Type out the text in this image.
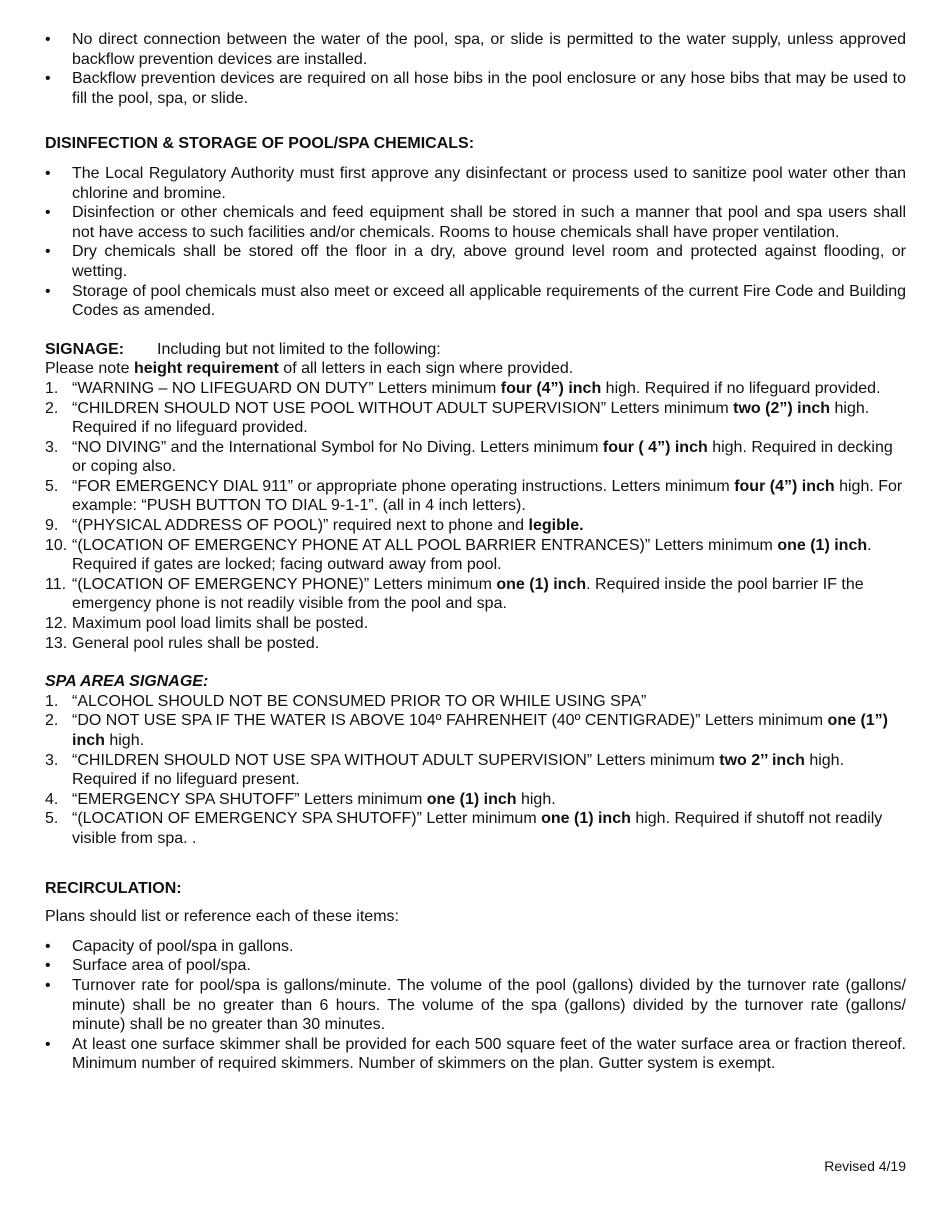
• No direct connection between the water of the pool, spa, or slide is permitted to the water supply, unless approved backflow prevention devices are installed.
• Backflow prevention devices are required on all hose bibs in the pool enclosure or any hose bibs that may be used to fill the pool, spa, or slide.
DISINFECTION & STORAGE OF POOL/SPA CHEMICALS:
• The Local Regulatory Authority must first approve any disinfectant or process used to sanitize pool water other than chlorine and bromine.
• Disinfection or other chemicals and feed equipment shall be stored in such a manner that pool and spa users shall not have access to such facilities and/or chemicals. Rooms to house chemicals shall have proper ventilation.
• Dry chemicals shall be stored off the floor in a dry, above ground level room and protected against flooding, or wetting.
• Storage of pool chemicals must also meet or exceed all applicable requirements of the current Fire Code and Building Codes as amended.
SIGNAGE: Including but not limited to the following:
Please note height requirement of all letters in each sign where provided.
1. “WARNING – NO LIFEGUARD ON DUTY” Letters minimum four (4”) inch high. Required if no lifeguard provided.
2. “CHILDREN SHOULD NOT USE POOL WITHOUT ADULT SUPERVISION” Letters minimum two (2”) inch high. Required if no lifeguard provided.
3. “NO DIVING” and the International Symbol for No Diving. Letters minimum four ( 4”) inch high. Required in decking or coping also.
5. “FOR EMERGENCY DIAL 911” or appropriate phone operating instructions. Letters minimum four (4”) inch high. For example: “PUSH BUTTON TO DIAL 9-1-1”. (all in 4 inch letters).
9. “(PHYSICAL ADDRESS OF POOL)” required next to phone and legible.
10. “(LOCATION OF EMERGENCY PHONE AT ALL POOL BARRIER ENTRANCES)” Letters minimum one (1) inch. Required if gates are locked; facing outward away from pool.
11. “(LOCATION OF EMERGENCY PHONE)” Letters minimum one (1) inch. Required inside the pool barrier IF the emergency phone is not readily visible from the pool and spa.
12. Maximum pool load limits shall be posted.
13. General pool rules shall be posted.
SPA AREA SIGNAGE:
1. “ALCOHOL SHOULD NOT BE CONSUMED PRIOR TO OR WHILE USING SPA”
2. “DO NOT USE SPA IF THE WATER IS ABOVE 104º FAHRENHEIT (40º CENTIGRADE)” Letters minimum one (1”) inch high.
3. “CHILDREN SHOULD NOT USE SPA WITHOUT ADULT SUPERVISION” Letters minimum two 2’’ inch high. Required if no lifeguard present.
4. “EMERGENCY SPA SHUTOFF” Letters minimum one (1) inch high.
5. “(LOCATION OF EMERGENCY SPA SHUTOFF)” Letter minimum one (1) inch high. Required if shutoff not readily visible from spa. .
RECIRCULATION:
Plans should list or reference each of these items:
• Capacity of pool/spa in gallons.
• Surface area of pool/spa.
• Turnover rate for pool/spa is gallons/minute. The volume of the pool (gallons) divided by the turnover rate (gallons/ minute) shall be no greater than 6 hours. The volume of the spa (gallons) divided by the turnover rate (gallons/ minute) shall be no greater than 30 minutes.
• At least one surface skimmer shall be provided for each 500 square feet of the water surface area or fraction thereof. Minimum number of required skimmers. Number of skimmers on the plan. Gutter system is exempt.
Revised 4/19
